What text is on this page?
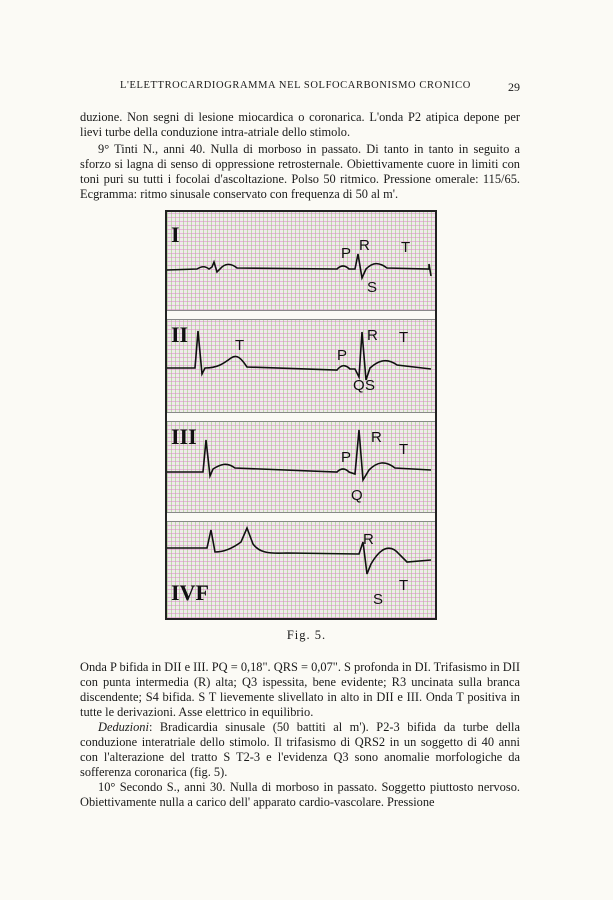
L'ELETTROCARDIOGRAMMA NEL SOLFOCARBONISMO CRONICO	29

duzione. Non segni di lesione miocardica o coronarica. L'onda P2 atipica depone per lievi turbe della conduzione intra-atriale dello stimolo.

9° Tinti N., anni 40. Nulla di morboso in passato. Di tanto in tanto in seguito a sforzo si lagna di senso di oppressione retrosternale. Obiettivamente cuore in limiti con toni puri su tutti i focolai d'ascoltazione. Polso 50 ritmico. Pressione omerale: 115/65. Ecgramma: ritmo sinusale conservato con frequenza di 50 al m'.

I
P R T
S
II	T
P
R T
Q S
III
P
R
T
Q
IVF
R
S
T
Fig. 5.

Onda P bifida in DII e III. PQ = 0,18". QRS = 0,07". S profonda in DI. Trifasismo in DII con punta intermedia (R) alta; Q3 ispessita, bene evidente; R3 uncinata sulla branca discendente; S4 bifida. S T lievemente slivellato in alto in DII e III. Onda T positiva in tutte le derivazioni. Asse elettrico in equilibrio.

Deduzioni: Bradicardia sinusale (50 battiti al m'). P2-3 bifida da turbe della conduzione interatriale dello stimolo. Il trifasismo di QRS2 in un soggetto di 40 anni con l'alterazione del tratto S T2-3 e l'evidenza Q3 sono anomalie morfologiche da sofferenza coronarica (fig. 5).

10° Secondo S., anni 30. Nulla di morboso in passato. Soggetto piuttosto nervoso. Obiettivamente nulla a carico dell' apparato cardio-vascolare. Pressione
